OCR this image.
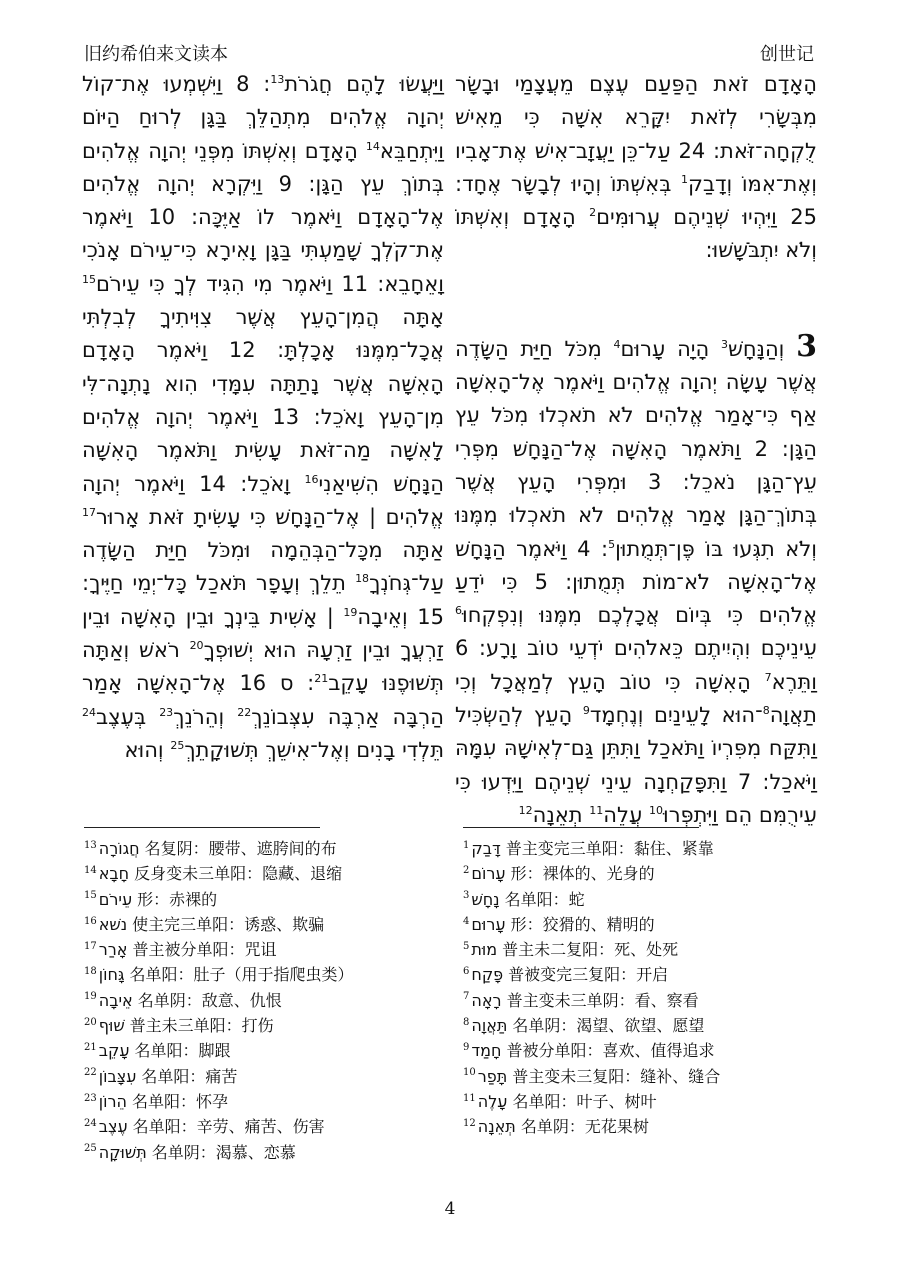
旧约希伯来文读本	创世记

וַיַּעֲשׂוּ לָהֶם חֲגֹרֹת$^{13}$: 8 וַיִּשְׁמְעוּ אֶת־קוֹל יְהוָה אֱלֹהִים מִתְהַלֵּךְ בַּגָּן לְרוּחַ הַיּוֹם וַיִּתְחַבֵּא$^{14}$ הָאָדָם וְאִשְׁתּוֹ מִפְּנֵי יְהוָה אֱלֹהִים בְּתוֹךְ עֵץ הַגָּן: 9 וַיִּקְרָא יְהוָה אֱלֹהִים אֶל־הָאָדָם וַיֹּאמֶר לוֹ אַיֶּכָּה: 10 וַיֹּאמֶר אֶת־קֹלְךָ שָׁמַעְתִּי בַּגָּן וָאִירָא כִּי־עֵירֹם אָנֹכִי וָאֵחָבֵא: 11 וַיֹּאמֶר מִי הִגִּיד לְךָ כִּי עֵירֹם$^{15}$ אָתָּה הֲמִן־הָעֵץ אֲשֶׁר צִוִּיתִיךָ לְבִלְתִּי אֲכָל־מִמֶּנּוּ אָכָלְתָּ: 12 וַיֹּאמֶר הָאָדָם הָאִשָּׁה אֲשֶׁר נָתַתָּה עִמָּדִי הִוא נָתְנָה־לִּי מִן־הָעֵץ וָאֹכֵל: 13 וַיֹּאמֶר יְהוָה אֱלֹהִים לָאִשָּׁה מַה־זֹּאת עָשִׂית וַתֹּאמֶר הָאִשָּׁה הַנָּחָשׁ הִשִּׁיאַנִי$^{16}$ וָאֹכֵל: 14 וַיֹּאמֶר יְהוָה אֱלֹהִים | אֶל־הַנָּחָשׁ כִּי עָשִׂיתָ זֹּאת אָרוּר$^{17}$ אַתָּה מִכָּל־הַבְּהֵמָה וּמִכֹּל חַיַּת הַשָּׂדֶה עַל־גְּחֹנְךָ$^{18}$ תֵלֵךְ וְעָפָר תֹּאכַל כָּל־יְמֵי חַיֶּיךָ: 15 וְאֵיבָה$^{19}$ | אָשִׁית בֵּינְךָ וּבֵין הָאִשָּׁה וּבֵין זַרְעֲךָ וּבֵין זַרְעָהּ הוּא יְשׁוּפְךָ$^{20}$ רֹאשׁ וְאַתָּה תְּשׁוּפֶנּוּ עָקֵב$^{21}$: ס 16 אֶל־הָאִשָּׁה אָמַר הַרְבָּה אַרְבֶּה עִצְּבוֹנֵךְ$^{22}$ וְהֵרֹנֵךְ$^{23}$ בְּעֶצֶב$^{24}$ תֵּלְדִי בָנִים וְאֶל־אִישֵׁךְ תְּשׁוּקָתֵךְ$^{25}$ וְהוּא

הָאָדָם זֹאת הַפַּעַם עֶצֶם מֵעֲצָמַי וּבָשָׂר מִבְּשָׂרִי לְזֹאת יִקָּרֵא אִשָּׁה כִּי מֵאִישׁ לֻקְחָה־זֹּאת: 24 עַל־כֵּן יַעֲזָב־אִישׁ אֶת־אָבִיו וְאֶת־אִמּוֹ וְדָבַק$^1$ בְּאִשְׁתּוֹ וְהָיוּ לְבָשָׂר אֶחָד: 25 וַיִּהְיוּ שְׁנֵיהֶם עֲרוּמִּים$^2$ הָאָדָם וְאִשְׁתּוֹ וְלֹא יִתְבֹּשָׁשׁוּ:

3 וְהַנָּחָשׁ$^3$ הָיָה עָרוּם$^4$ מִכֹּל חַיַּת הַשָּׂדֶה אֲשֶׁר עָשָׂה יְהוָה אֱלֹהִים וַיֹּאמֶר אֶל־הָאִשָּׁה אַף כִּי־אָמַר אֱלֹהִים לֹא תֹאכְלוּ מִכֹּל עֵץ הַגָּן: 2 וַתֹּאמֶר הָאִשָּׁה אֶל־הַנָּחָשׁ מִפְּרִי עֵץ־הַגָּן נֹאכֵל: 3 וּמִפְּרִי הָעֵץ אֲשֶׁר בְּתוֹךְ־הַגָּן אָמַר אֱלֹהִים לֹא תֹאכְלוּ מִמֶּנּוּ וְלֹא תִגְּעוּ בּוֹ פֶּן־תְּמֻתוּן$^5$: 4 וַיֹּאמֶר הַנָּחָשׁ אֶל־הָאִשָּׁה לֹא־מוֹת תְּמֻתוּן: 5 כִּי יֹדֵעַ אֱלֹהִים כִּי בְּיוֹם אֲכָלְכֶם מִמֶּנּוּ וְנִפְקְחוּ$^6$ עֵינֵיכֶם וִהְיִיתֶם כֵּאלֹהִים יֹדְעֵי טוֹב וָרָע: 6 וַתֵּרֶא$^7$ הָאִשָּׁה כִּי טוֹב הָעֵץ לְמַאֲכָל וְכִי תַאֲוָה$^8$־הוּא לָעֵינַיִם וְנֶחְמָד$^9$ הָעֵץ לְהַשְׂכִּיל וַתִּקַּח מִפִּרְיוֹ וַתֹּאכַל וַתִּתֵּן גַּם־לְאִישָׁהּ עִמָּהּ וַיֹּאכַל: 7 וַתִּפָּקַחְנָה עֵינֵי שְׁנֵיהֶם וַיֵּדְעוּ כִּי עֵירֻמִּם הֵם וַיִּתְפְּרוּ$^{10}$ עֲלֵה$^{11}$ תְאֵנָה$^{12}$

$^{13}$ חֲגוֹרָה 名复阴：腰带、遮胯间的布
$^{14}$ חָבָא 反身变未三单阳：隐藏、退缩
$^{15}$ עֵירֹם 形：赤裸的
$^{16}$ נשׁא 使主完三单阳：诱惑、欺骗
$^{17}$ אָרַר 普主被分单阳：咒诅
$^{18}$ גָּחוֹן 名单阳：肚子（用于指爬虫类）
$^{19}$ אֵיבָה 名单阴：敌意、仇恨
$^{20}$ שׁוּף 普主未三单阳：打伤
$^{21}$ עָקֵב 名单阳：脚跟
$^{22}$ עִצָּבוֹן 名单阳：痛苦
$^{23}$ הֵרוֹן 名单阳：怀孕
$^{24}$ עֶצֶב 名单阳：辛劳、痛苦、伤害
$^{25}$ תְּשׁוּקָה 名单阴：渴慕、恋慕
$^1$ דָּבַק 普主变完三单阳：黏住、紧靠
$^2$ עָרוֹם 形：裸体的、光身的
$^3$ נָחָשׁ 名单阳：蛇
$^4$ עָרוּם 形：狡猾的、精明的
$^5$ מוּת 普主未二复阳：死、处死
$^6$ פָּקַח 普被变完三复阳：开启
$^7$ רָאָה 普主变未三单阴：看、察看
$^8$ תַּאֲוָה 名单阴：渴望、欲望、愿望
$^9$ חָמַד 普被分单阳：喜欢、值得追求
$^{10}$ תָּפַר 普主变未三复阳：缝补、缝合
$^{11}$ עָלֶה 名单阳：叶子、树叶
$^{12}$ תְּאֵנָה 名单阴：无花果树
4
